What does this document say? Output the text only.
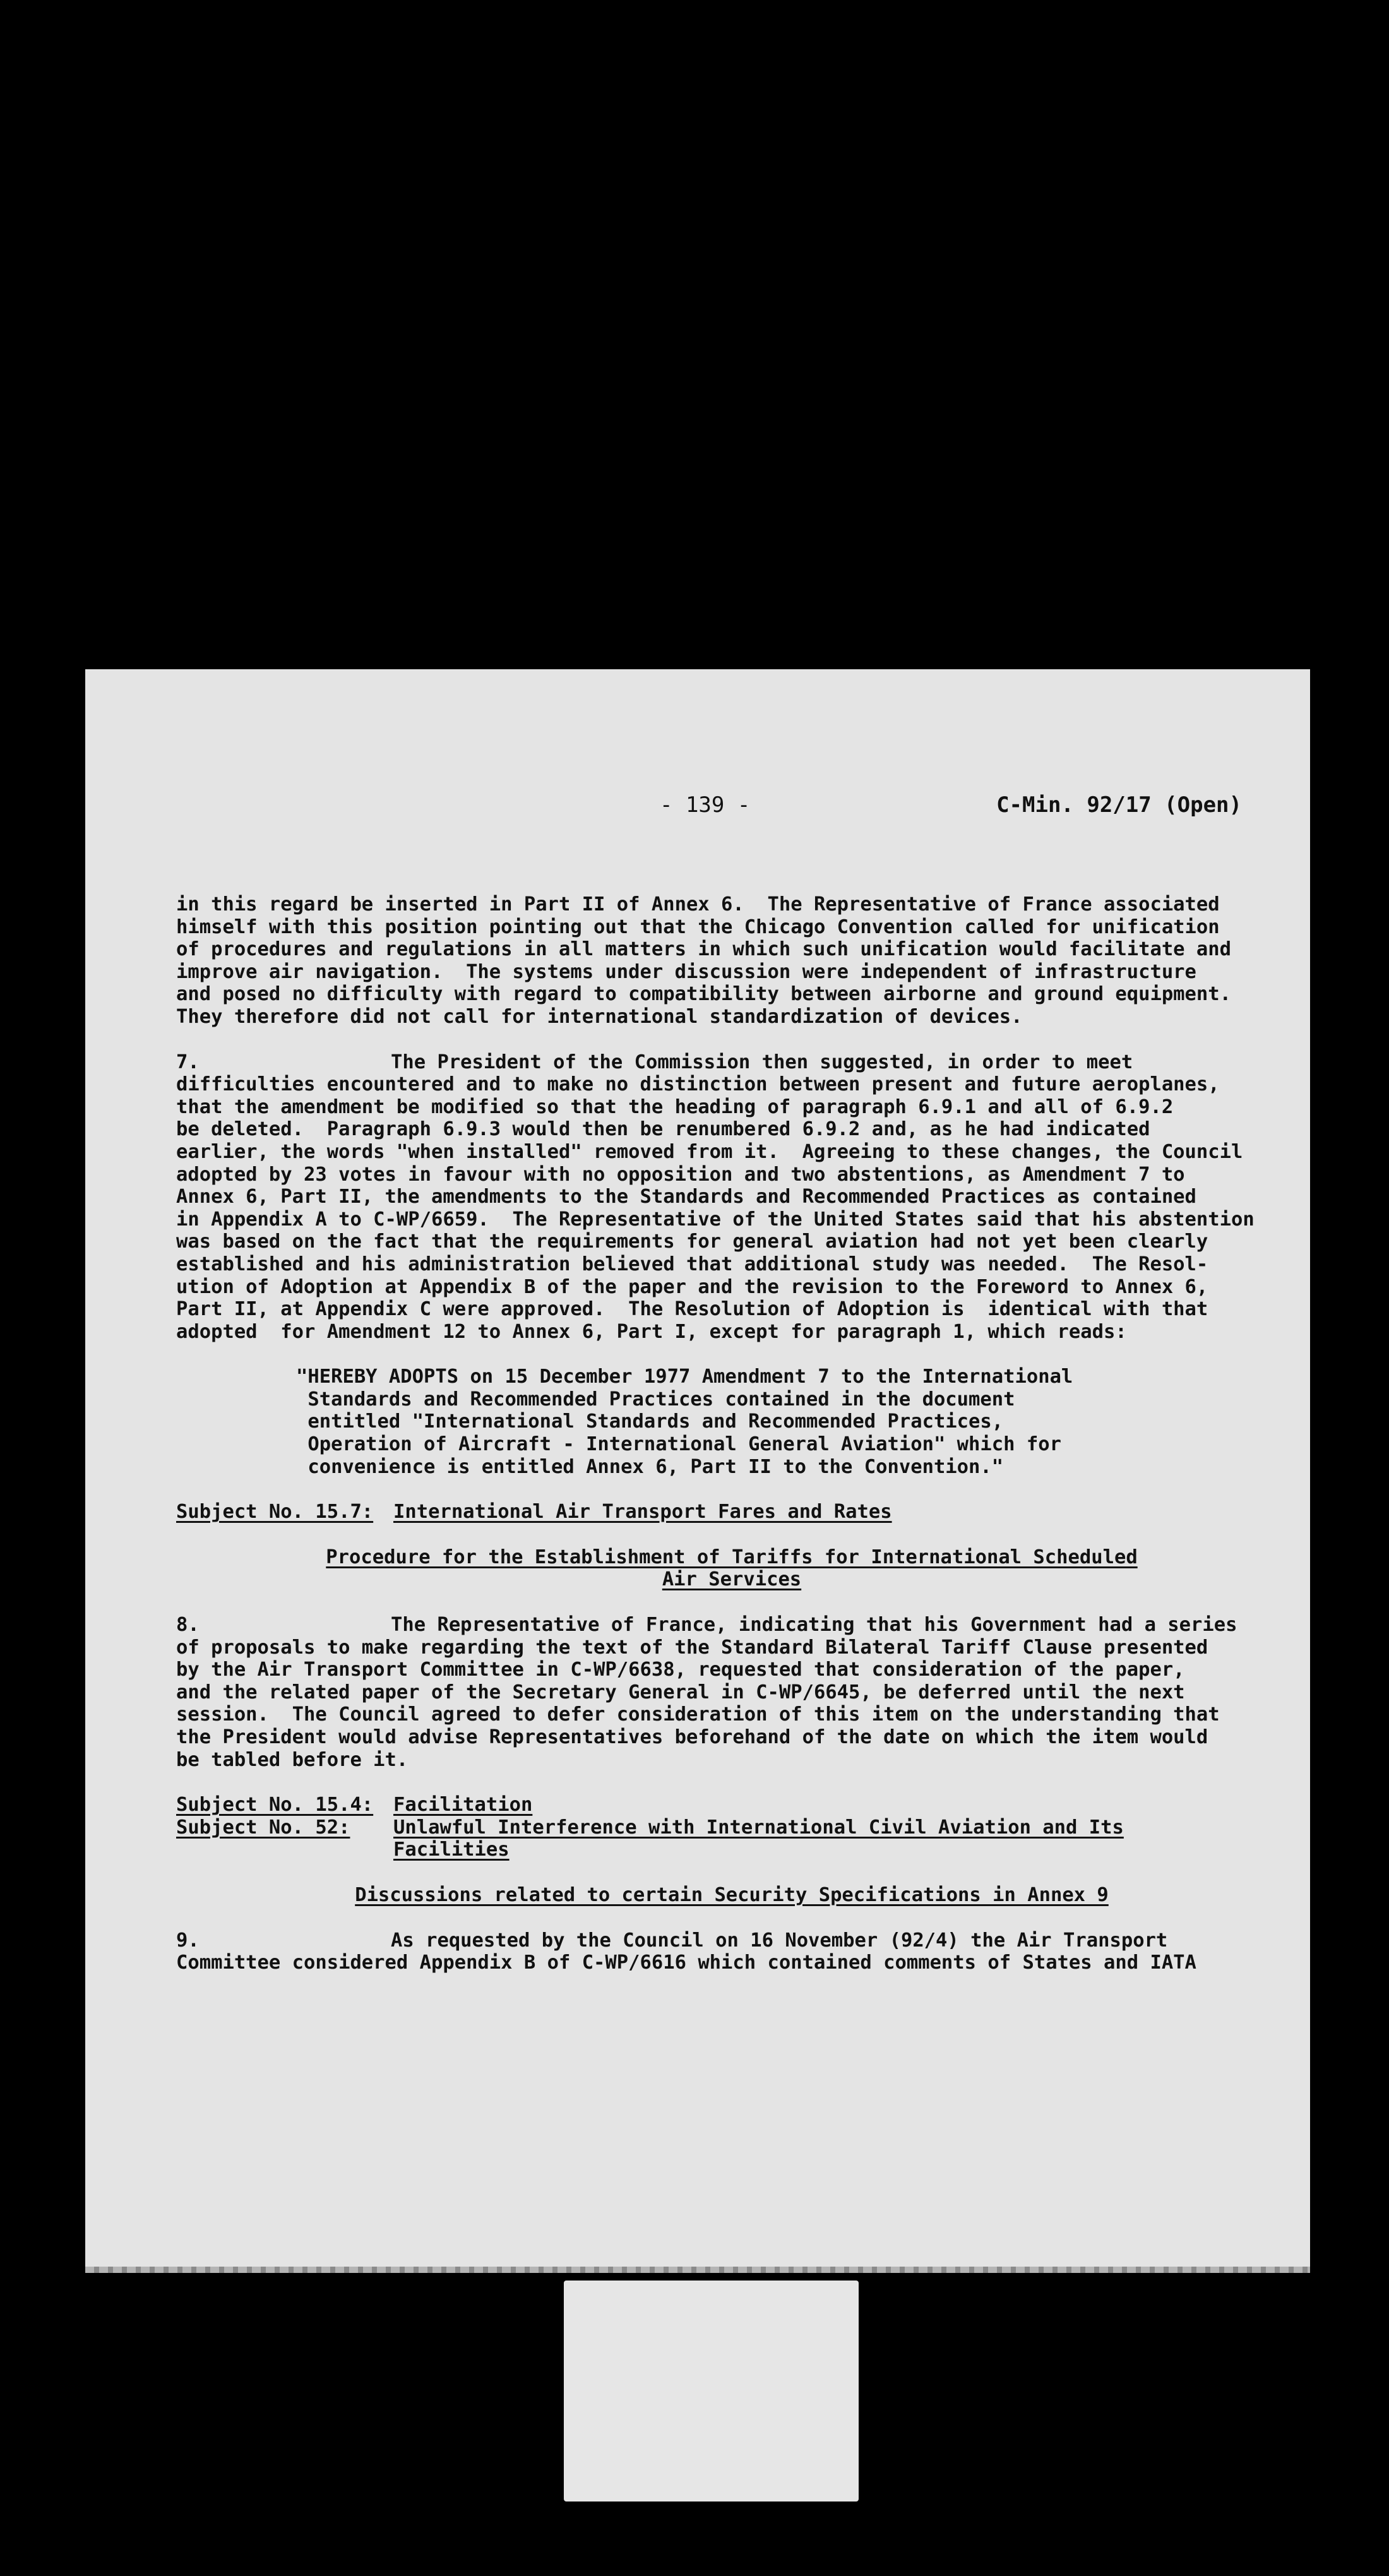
- 139 -	C-Min. 92/17 (Open)
in this regard be inserted in Part II of Annex 6.  The Representative of France associated
himself with this position pointing out that the Chicago Convention called for unification
of procedures and regulations in all matters in which such unification would facilitate and
improve air navigation.  The systems under discussion were independent of infrastructure
and posed no difficulty with regard to compatibility between airborne and ground equipment.
They therefore did not call for international standardization of devices.
7.	The President of the Commission then suggested, in order to meet
difficulties encountered and to make no distinction between present and future aeroplanes,
that the amendment be modified so that the heading of paragraph 6.9.1 and all of 6.9.2
be deleted.  Paragraph 6.9.3 would then be renumbered 6.9.2 and, as he had indicated
earlier, the words "when installed" removed from it.  Agreeing to these changes, the Council
adopted by 23 votes in favour with no opposition and two abstentions, as Amendment 7 to
Annex 6, Part II, the amendments to the Standards and Recommended Practices as contained
in Appendix A to C-WP/6659.  The Representative of the United States said that his abstention
was based on the fact that the requirements for general aviation had not yet been clearly
established and his administration believed that additional study was needed.  The Resol-
ution of Adoption at Appendix B of the paper and the revision to the Foreword to Annex 6,
Part II, at Appendix C were approved.  The Resolution of Adoption is  identical with that
adopted  for Amendment 12 to Annex 6, Part I, except for paragraph 1, which reads:
"HEREBY ADOPTS on 15 December 1977 Amendment 7 to the International
Standards and Recommended Practices contained in the document
entitled "International Standards and Recommended Practices,
Operation of Aircraft - International General Aviation" which for
convenience is entitled Annex 6, Part II to the Convention."
Subject No. 15.7:	International Air Transport Fares and Rates
Procedure for the Establishment of Tariffs for International Scheduled
Air Services
8.	The Representative of France, indicating that his Government had a series
of proposals to make regarding the text of the Standard Bilateral Tariff Clause presented
by the Air Transport Committee in C-WP/6638, requested that consideration of the paper,
and the related paper of the Secretary General in C-WP/6645, be deferred until the next
session.  The Council agreed to defer consideration of this item on the understanding that
the President would advise Representatives beforehand of the date on which the item would
be tabled before it.
Subject No. 15.4:	Facilitation
Subject No. 52:	Unlawful Interference with International Civil Aviation and Its
Facilities
Discussions related to certain Security Specifications in Annex 9
9.	As requested by the Council on 16 November (92/4) the Air Transport
Committee considered Appendix B of C-WP/6616 which contained comments of States and IATA
